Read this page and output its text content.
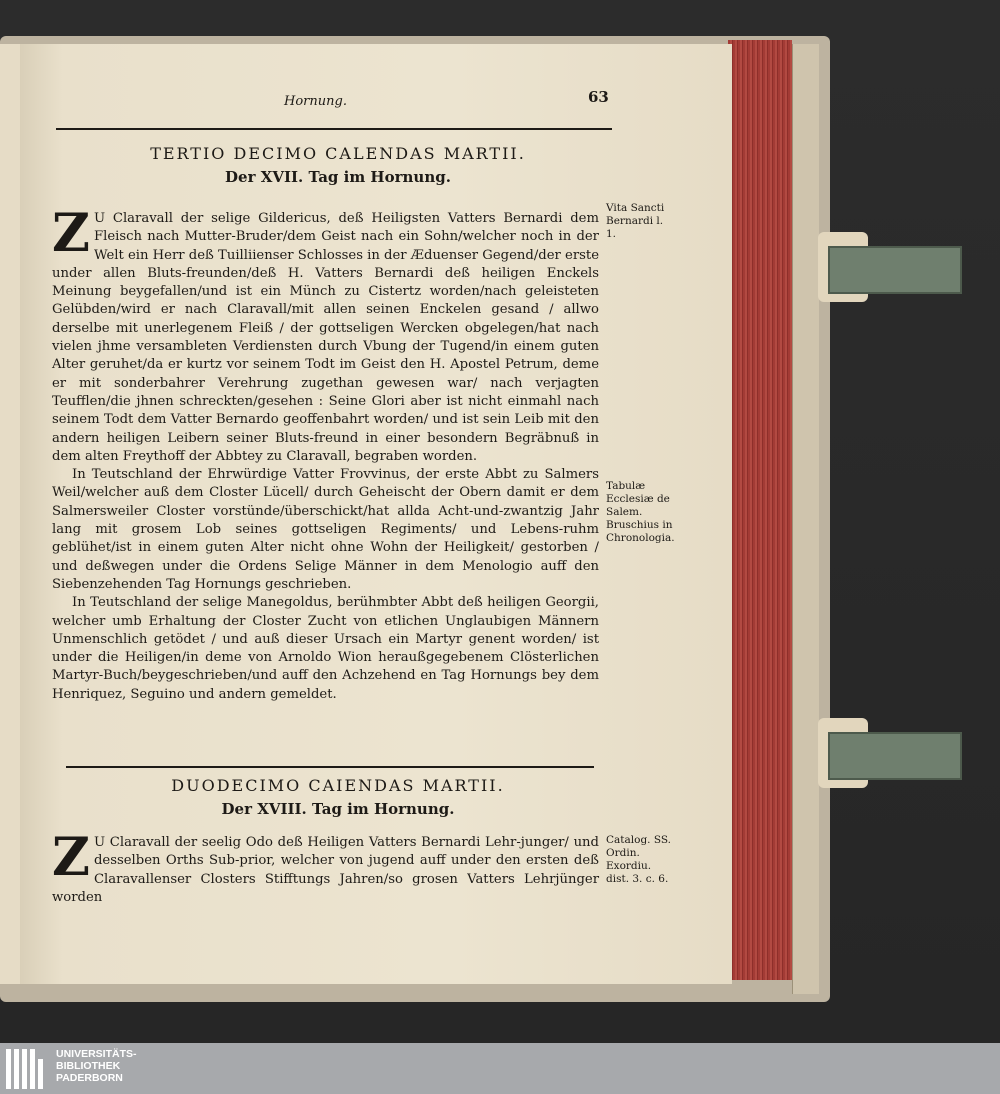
Hornung.	63
TERTIO DECIMO CALENDAS MARTII.
Der XVII. Tag im Hornung.

Z U Claravall der selige Gildericus, deß Heiligsten Vatters Bernardi dem Fleisch nach Mutter-Bruder/dem Geist nach ein Sohn/welcher noch in der Welt ein Herr deß Tuilliienser Schlosses in der Æduenser Gegend/der erste under allen Bluts-freunden/deß H. Vatters Bernardi deß heiligen Enckels Meinung beygefallen/und ist ein Münch zu Cistertz worden/nach geleisteten Gelübden/wird er nach Claravall/mit allen seinen Enckelen gesand / allwo derselbe mit unerlegenem Fleiß / der gottseligen Wercken obgelegen/hat nach vielen jhme versambleten Verdiensten durch Vbung der Tugend/in einem guten Alter geruhet/da er kurtz vor seinem Todt im Geist den H. Apostel Petrum, deme er mit sonderbahrer Verehrung zugethan gewesen war/ nach verjagten Teufflen/die jhnen schreckten/gesehen : Seine Glori aber ist nicht einmahl nach seinem Todt dem Vatter Bernardo geoffenbahrt worden/ und ist sein Leib mit den andern heiligen Leibern seiner Bluts-freund in einer besondern Begräbnuß in dem alten Freythoff der Abbtey zu Claravall, begraben worden.

In Teutschland der Ehrwürdige Vatter Frovvinus, der erste Abbt zu Salmers Weil/welcher auß dem Closter Lücell/ durch Geheischt der Obern damit er dem Salmersweiler Closter vorstünde/überschickt/hat allda Acht-und-zwantzig Jahr lang mit grosem Lob seines gottseligen Regiments/ und Lebens-ruhm geblühet/ist in einem guten Alter nicht ohne Wohn der Heiligkeit/ gestorben / und deßwegen under die Ordens Selige Männer in dem Menologio auff den Siebenzehenden Tag Hornungs geschrieben.

In Teutschland der selige Manegoldus, berühmbter Abbt deß heiligen Georgii, welcher umb Erhaltung der Closter Zucht von etlichen Unglaubigen Männern Unmenschlich getödet / und auß dieser Ursach ein Martyr genent worden/ ist under die Heiligen/in deme von Arnoldo Wion heraußgegebenem Clösterlichen Martyr-Buch/beygeschrieben/und auff den Achzehend en Tag Hornungs bey dem Henriquez, Seguino und andern gemeldet.

Vita Sancti Bernardi l. 1.
Tabulæ Ecclesiæ de Salem. Bruschius in Chronologia.
DUODECIMO CAIENDAS MARTII.
Der XVIII. Tag im Hornung.

Z U Claravall der seelig Odo deß Heiligen Vatters Bernardi Lehr-junger/ und desselben Orths Sub-prior, welcher von jugend auff under den ersten deß Claravallenser Closters Stifftungs Jahren/so grosen Vatters Lehrjünger worden

Catalog. SS. Ordin. Exordiu. dist. 3. c. 6.
UNIVERSITÄTS-
BIBLIOTHEK
PADERBORN
